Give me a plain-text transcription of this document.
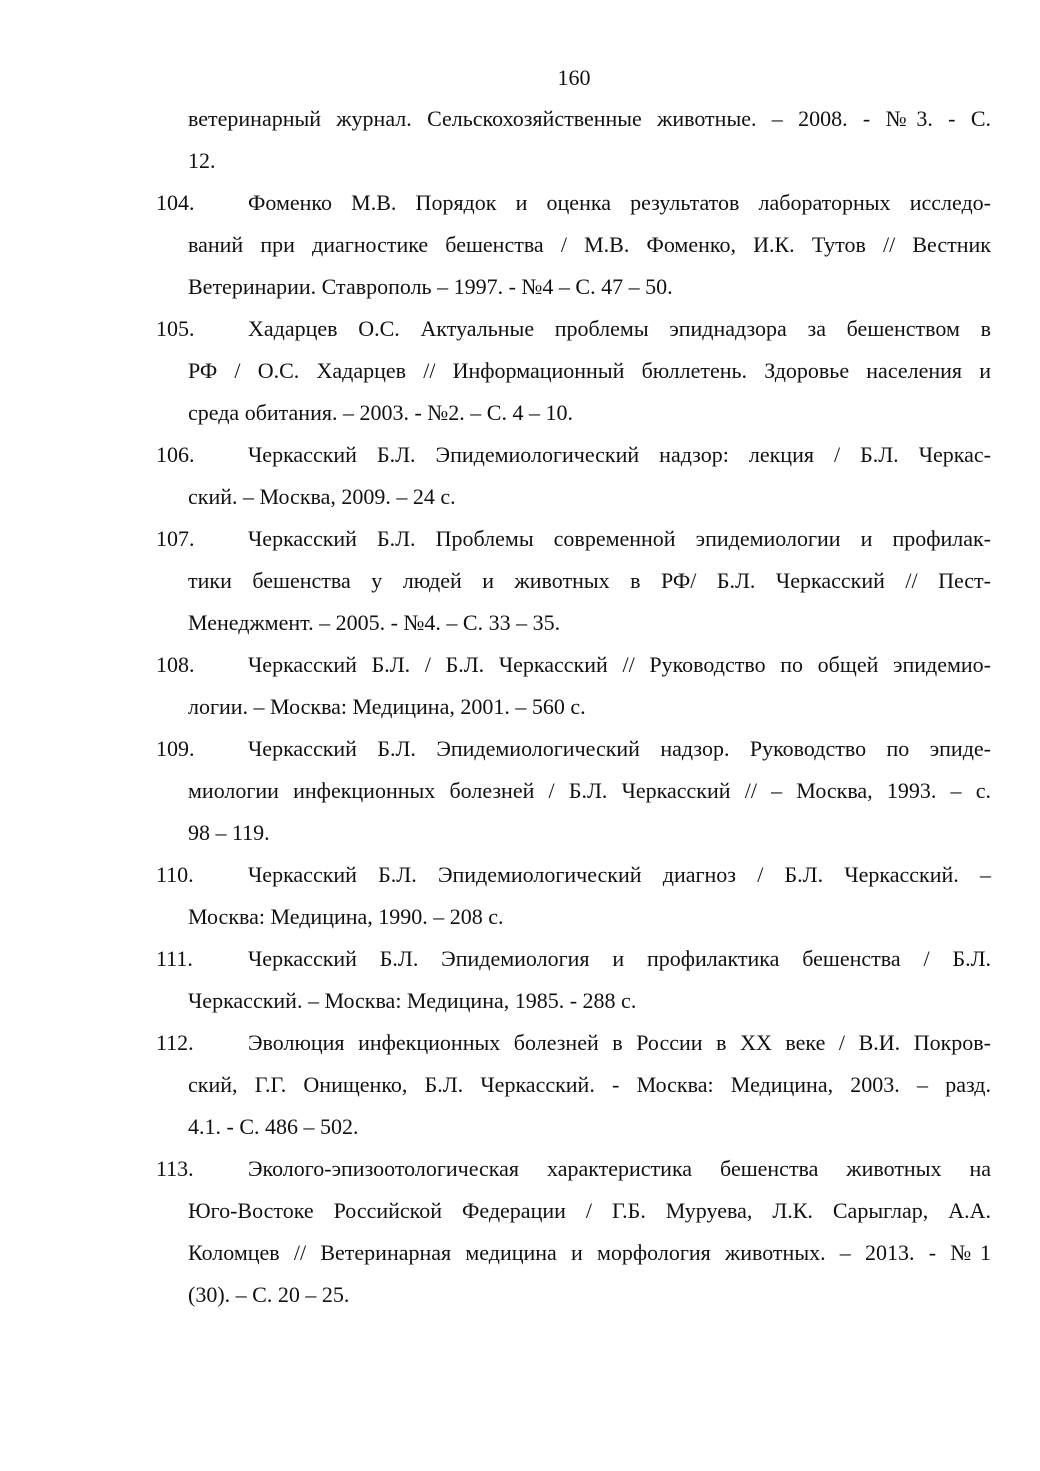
160
ветеринарный журнал. Сельскохозяйственные животные. – 2008. - №3. - С.
12.
104. Фоменко М.В. Порядок и оценка результатов лабораторных исследо-
ваний при диагностике бешенства / М.В. Фоменко, И.К. Тутов // Вестник
Ветеринарии. Ставрополь – 1997. - №4 – С. 47 – 50.
105. Хадарцев О.С. Актуальные проблемы эпиднадзора за бешенством в
РФ / О.С. Хадарцев // Информационный бюллетень. Здоровье населения и
среда обитания. – 2003. - №2. – С. 4 – 10.
106. Черкасский Б.Л. Эпидемиологический надзор: лекция / Б.Л. Черкас-
ский. – Москва, 2009. – 24 с.
107. Черкасский Б.Л. Проблемы современной эпидемиологии и профилак-
тики бешенства у людей и животных в РФ/ Б.Л. Черкасский // Пест-
Менеджмент. – 2005. - №4. – С. 33 – 35.
108. Черкасский Б.Л. / Б.Л. Черкасский // Руководство по общей эпидемио-
логии. – Москва: Медицина, 2001. – 560 с.
109. Черкасский Б.Л. Эпидемиологический надзор. Руководство по эпиде-
миологии инфекционных болезней / Б.Л. Черкасский // – Москва, 1993. – с.
98 – 119.
110. Черкасский Б.Л. Эпидемиологический диагноз / Б.Л. Черкасский. –
Москва: Медицина, 1990. – 208 с.
111.	Черкасский Б.Л. Эпидемиология и профилактика бешенства / Б.Л.
Черкасский. – Москва: Медицина, 1985. - 288 с.
112. Эволюция инфекционных болезней в России в XX веке / В.И. Покров-
ский, Г.Г. Онищенко, Б.Л. Черкасский. - Москва: Медицина, 2003. – разд.
4.1. - С. 486 – 502.
113. Эколого-эпизоотологическая характеристика бешенства животных на
Юго-Востоке Российской Федерации / Г.Б. Муруева, Л.К. Сарыглар, А.А.
Коломцев // Ветеринарная медицина и морфология животных. – 2013. - №1
(30). – С. 20 – 25.
